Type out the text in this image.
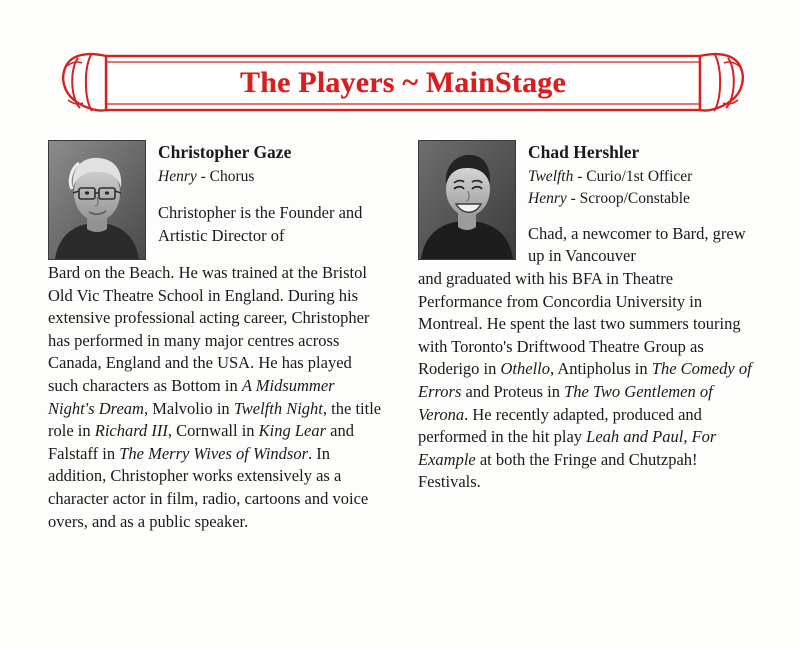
The Players ~ MainStage
Christopher Gaze
Henry - Chorus
Christopher is the Founder and Artistic Director of
Bard on the Beach. He was trained at the Bristol Old Vic Theatre School in England. During his extensive professional acting career, Christopher has performed in many major centres across Canada, England and the USA. He has played such characters as Bottom in A Midsummer Night's Dream, Malvolio in Twelfth Night, the title role in Richard III, Cornwall in King Lear and Falstaff in The Merry Wives of Windsor. In addition, Christopher works extensively as a character actor in film, radio, cartoons and voice overs, and as a public speaker.
Chad Hershler
Twelfth - Curio/1st Officer
Henry - Scroop/Constable
Chad, a newcomer to Bard, grew up in Vancouver
and graduated with his BFA in Theatre Performance from Concordia University in Montreal. He spent the last two summers touring with Toronto's Driftwood Theatre Group as Roderigo in Othello, Antipholus in The Comedy of Errors and Proteus in The Two Gentlemen of Verona. He recently adapted, produced and performed in the hit play Leah and Paul, For Example at both the Fringe and Chutzpah! Festivals.
